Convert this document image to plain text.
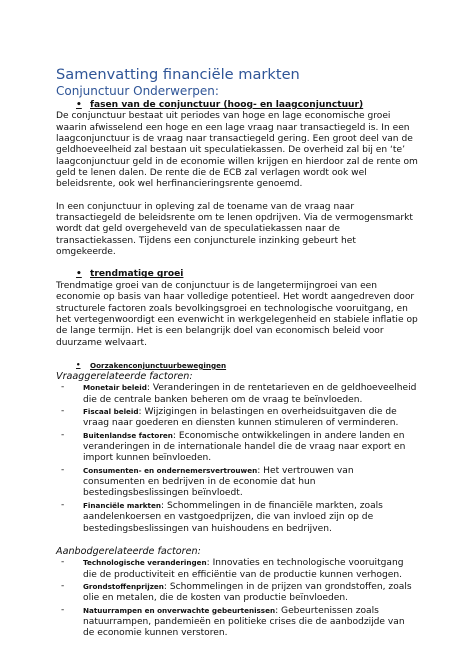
Samenvatting financiële markten
Conjunctuur Onderwerpen:

• fasen van de conjunctuur (hoog- en laagconjunctuur)

De conjunctuur bestaat uit periodes van hoge en lage economische groei waarin afwisselend een hoge en een lage vraag naar transactiegeld is. In een laagconjunctuur is de vraag naar transactiegeld gering. Een groot deel van de geldhoeveelheid zal bestaan uit speculatiekassen. De overheid zal bij en ‘te’ laagconjunctuur geld in de economie willen krijgen en hierdoor zal de rente om geld te lenen dalen. De rente die de ECB zal verlagen wordt ook wel beleidsrente, ook wel herfinancieringsrente genoemd.

In een conjunctuur in opleving zal de toename van de vraag naar transactiegeld de beleidsrente om te lenen opdrijven. Via de vermogensmarkt wordt dat geld overgeheveld van de speculatiekassen naar de transactiekassen. Tijdens een conjuncturele inzinking gebeurt het omgekeerde.

• trendmatige groei

Trendmatige groei van de conjunctuur is de langetermijngroei van een economie op basis van haar volledige potentieel. Het wordt aangedreven door structurele factoren zoals bevolkingsgroei en technologische vooruitgang, en het vertegenwoordigt een evenwicht in werkgelegenheid en stabiele inflatie op de lange termijn. Het is een belangrijk doel van economisch beleid voor duurzame welvaart.

•	Oorzakenconjunctuurbewegingen

Vraaggerelateerde factoren:

-	Monetair beleid: Veranderingen in de rentetarieven en de geldhoeveelheid die de centrale banken beheren om de vraag te beïnvloeden.
-	Fiscaal beleid: Wijzigingen in belastingen en overheidsuitgaven die de vraag naar goederen en diensten kunnen stimuleren of verminderen.
-	Buitenlandse factoren: Economische ontwikkelingen in andere landen en veranderingen in de internationale handel die de vraag naar export en import kunnen beïnvloeden.
-	Consumenten- en ondernemersvertrouwen: Het vertrouwen van consumenten en bedrijven in de economie dat hun bestedingsbeslissingen beïnvloedt.
-	Financiële markten: Schommelingen in de financiële markten, zoals aandelenkoersen en vastgoedprijzen, die van invloed zijn op de bestedingsbeslissingen van huishoudens en bedrijven.

Aanbodgerelateerde factoren:

-	Technologische veranderingen: Innovaties en technologische vooruitgang die de productiviteit en efficiëntie van de productie kunnen verhogen.
-	Grondstoffenprijzen: Schommelingen in de prijzen van grondstoffen, zoals olie en metalen, die de kosten van productie beïnvloeden.
-	Natuurrampen en onverwachte gebeurtenissen: Gebeurtenissen zoals natuurrampen, pandemieën en politieke crises die de aanbodzijde van de economie kunnen verstoren.
